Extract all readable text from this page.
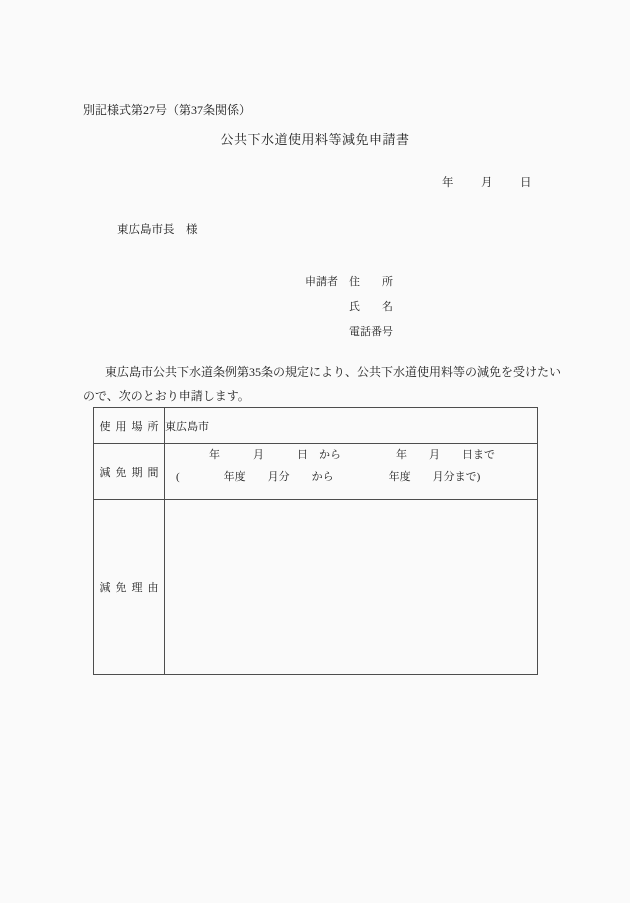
別記様式第27号（第37条関係）
公共下水道使用料等減免申請書
年　　月　　日
東広島市長　様
申請者　住　　所
氏　　名
電話番号
東広島市公共下水道条例第35条の規定により、公共下水道使用料等の減免を受けたい
ので、次のとおり申請します。
使用場所	東広島市
減免期間	　　　　年　　　月　　　日　から　　　　　年　　月　　日まで
　(　　　　年度　　月分　　から　　　　　年度　　月分まで)

減免理由	
